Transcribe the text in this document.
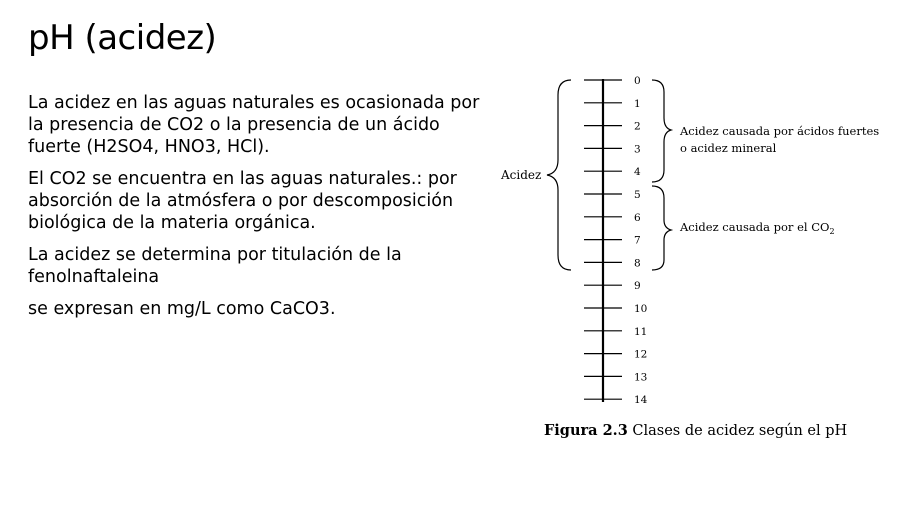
pH (acidez)

La acidez en las aguas naturales es ocasionada por la presencia de CO2 o la presencia de un ácido fuerte (H2SO4, HNO3, HCl).

El CO2 se encuentra en las aguas naturales.: por absorción de la atmósfera o por descomposición biológica de la materia orgánica.

La acidez se determina por titulación de la fenolnaftaleina

se expresan en mg/L como CaCO3.

0
1
2
3
4
5
6
7
8
9
10
11
12
13
14
Acidez
Acidez causada por ácidos fuertes
o acidez mineral
Acidez causada por el $CO_2$
Figura 2.3 Clases de acidez según el pH
